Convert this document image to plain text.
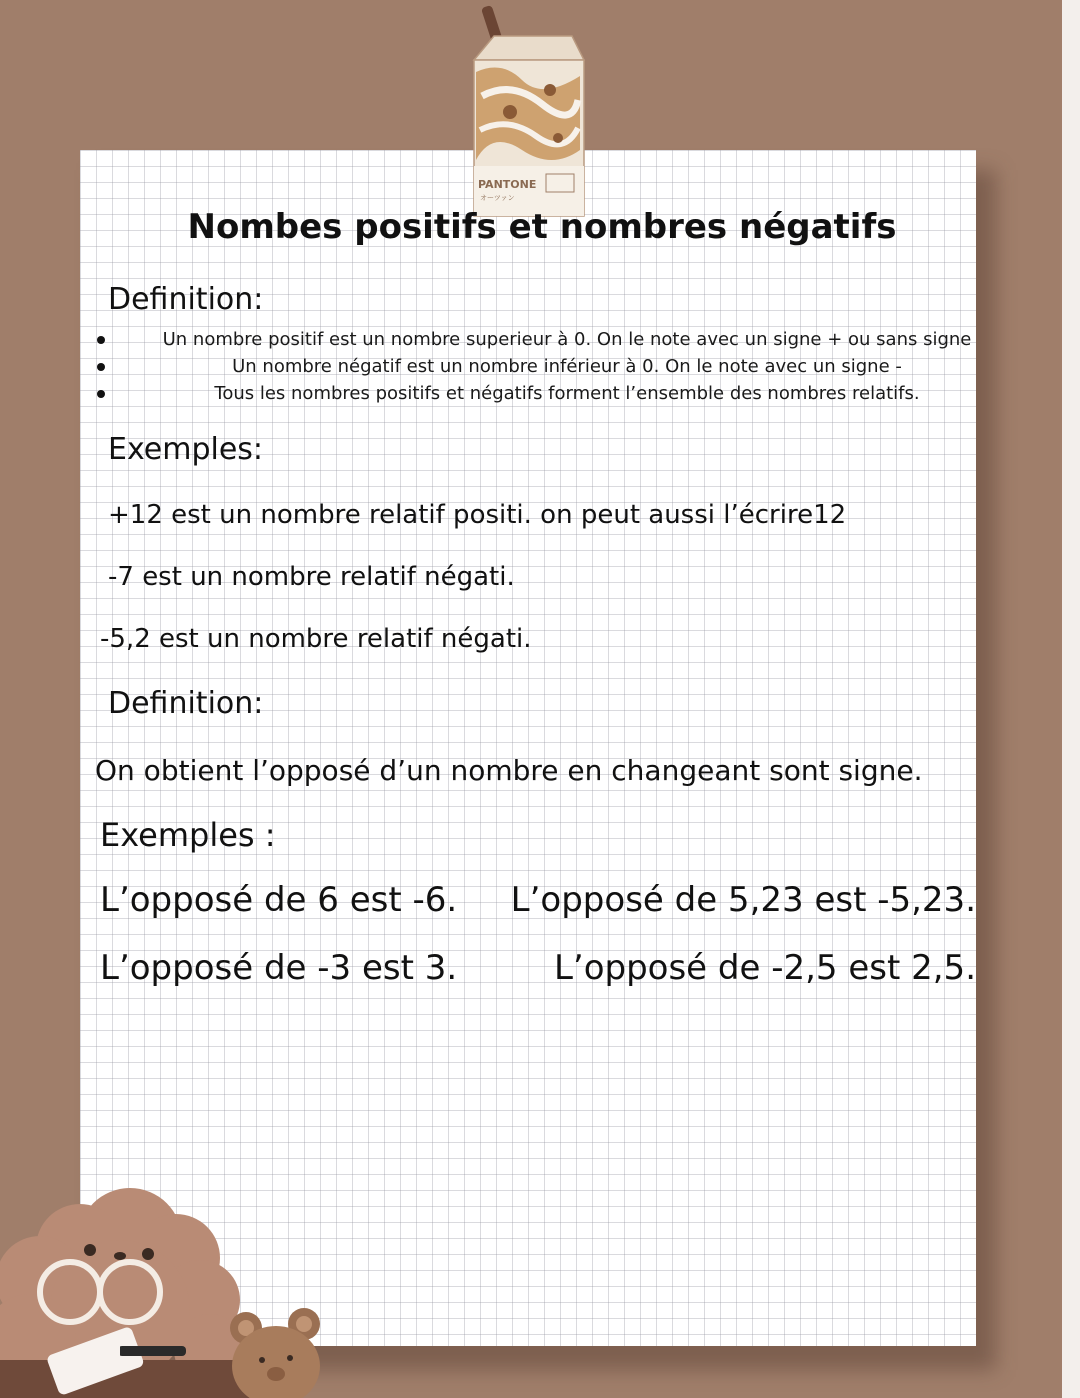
PANTONE
オーツァン
Nombes positifs et nombres négatifs

Definition:

Un nombre positif est un nombre superieur à 0. On le note avec un signe + ou sans signe
Un nombre négatif est un nombre inférieur à 0. On le note avec un signe -
Tous les nombres positifs et négatifs forment l’ensemble des nombres relatifs.

Exemples:

+12 est un nombre relatif positi. on peut aussi l’écrire12

-7 est un nombre relatif négati.

-5,2 est un nombre relatif négati.

Definition:

On obtient l’opposé d’un nombre en changeant sont signe.

Exemples :

L’opposé de 6 est -6.	L’opposé de 5,23 est -5,23.

L’opposé de -3 est 3.	L’opposé de -2,5 est 2,5.
